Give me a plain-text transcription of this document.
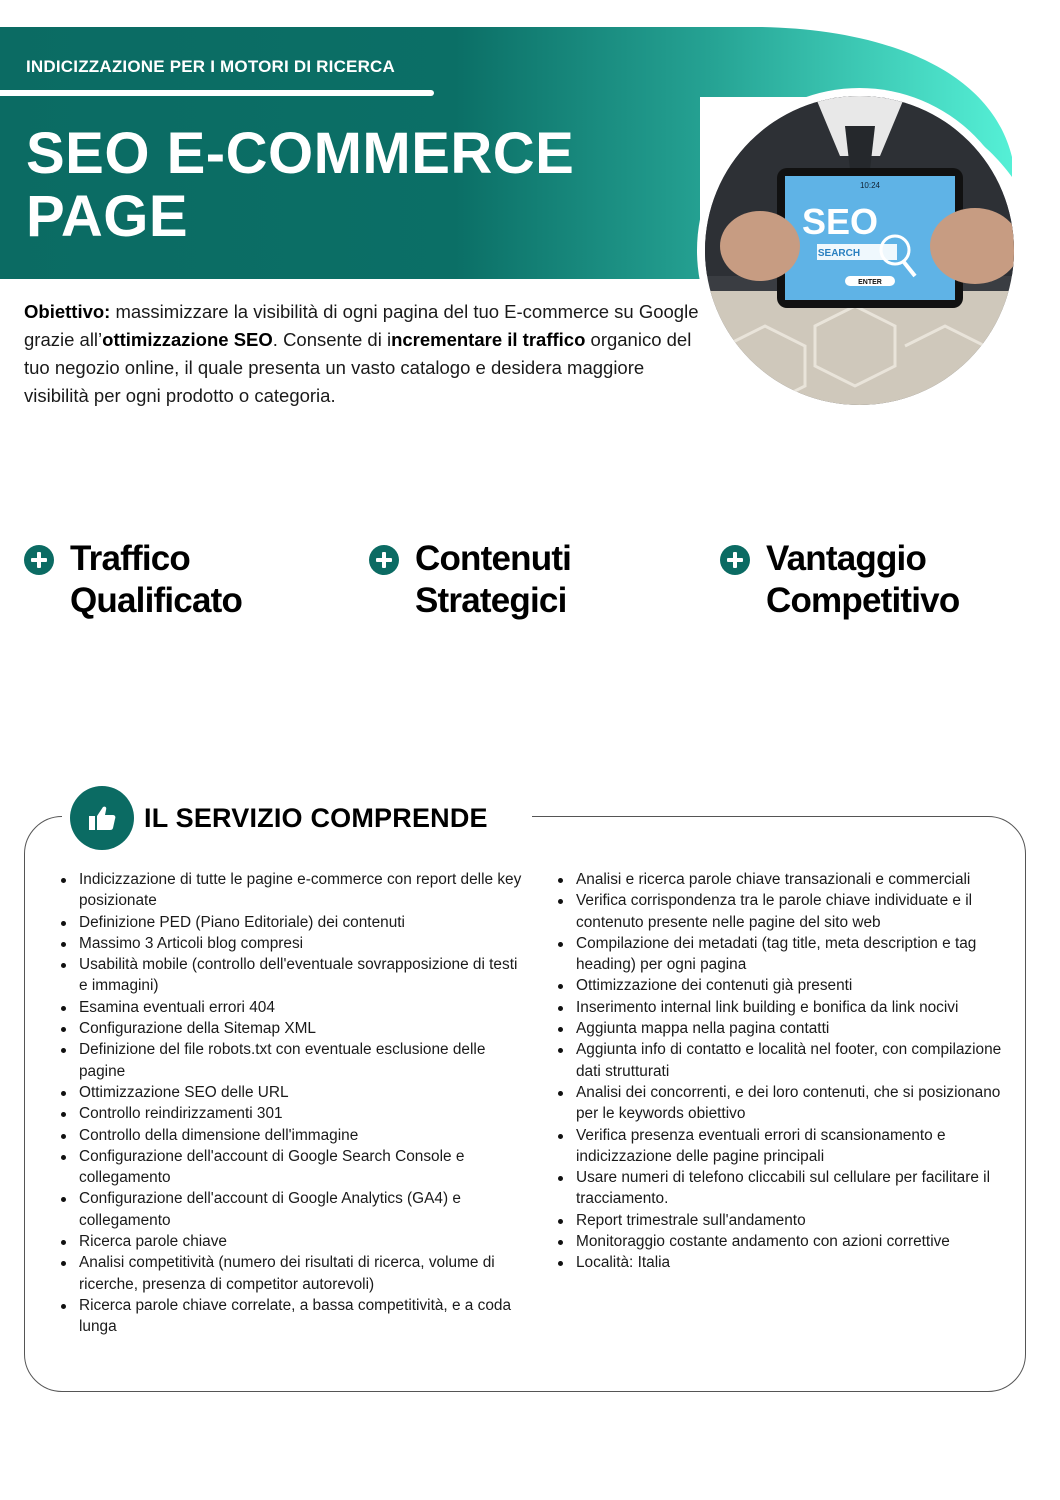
INDICIZZAZIONE PER I MOTORI DI RICERCA
SEO E-COMMERCE
PAGE	10:24
SEO
SEARCH
ENTER
Obiettivo: massimizzare la visibilità di ogni pagina del tuo E-commerce su Google grazie all’ottimizzazione SEO. Consente di incrementare il traffico organico del tuo negozio online, il quale presenta un vasto catalogo e desidera maggiore visibilità per ogni prodotto o categoria.
Traffico
Qualificato
Contenuti
Strategici
Vantaggio
Competitivo
IL SERVIZIO COMPRENDE
Indicizzazione di tutte le pagine e-commerce con report delle key posizionate
Definizione PED (Piano Editoriale) dei contenuti
Massimo 3 Articoli blog compresi
Usabilità mobile (controllo dell'eventuale sovrapposizione di testi e immagini)
Esamina eventuali errori 404
Configurazione della Sitemap XML
Definizione del file robots.txt con eventuale esclusione delle pagine
Ottimizzazione SEO delle URL
Controllo reindirizzamenti 301
Controllo della dimensione dell'immagine
Configurazione dell'account di Google Search Console e collegamento
Configurazione dell'account di Google Analytics (GA4) e collegamento
Ricerca parole chiave
Analisi competitività (numero dei risultati di ricerca, volume di ricerche, presenza di competitor autorevoli)
Ricerca parole chiave correlate, a bassa competitività, e a coda lunga
Analisi e ricerca parole chiave transazionali e commerciali
Verifica corrispondenza tra le parole chiave individuate e il contenuto presente nelle pagine del sito web
Compilazione dei metadati (tag title, meta description e tag heading) per ogni pagina
Ottimizzazione dei contenuti già presenti
Inserimento internal link building e bonifica da link nocivi
Aggiunta mappa nella pagina contatti
Aggiunta info di contatto e località nel footer, con compilazione dati strutturati
Analisi dei concorrenti, e dei loro contenuti, che si posizionano per le keywords obiettivo
Verifica presenza eventuali errori di scansionamento e indicizzazione delle pagine principali
Usare numeri di telefono cliccabili sul cellulare per facilitare il tracciamento.
Report trimestrale sull'andamento
Monitoraggio costante andamento con azioni correttive
Località: Italia
